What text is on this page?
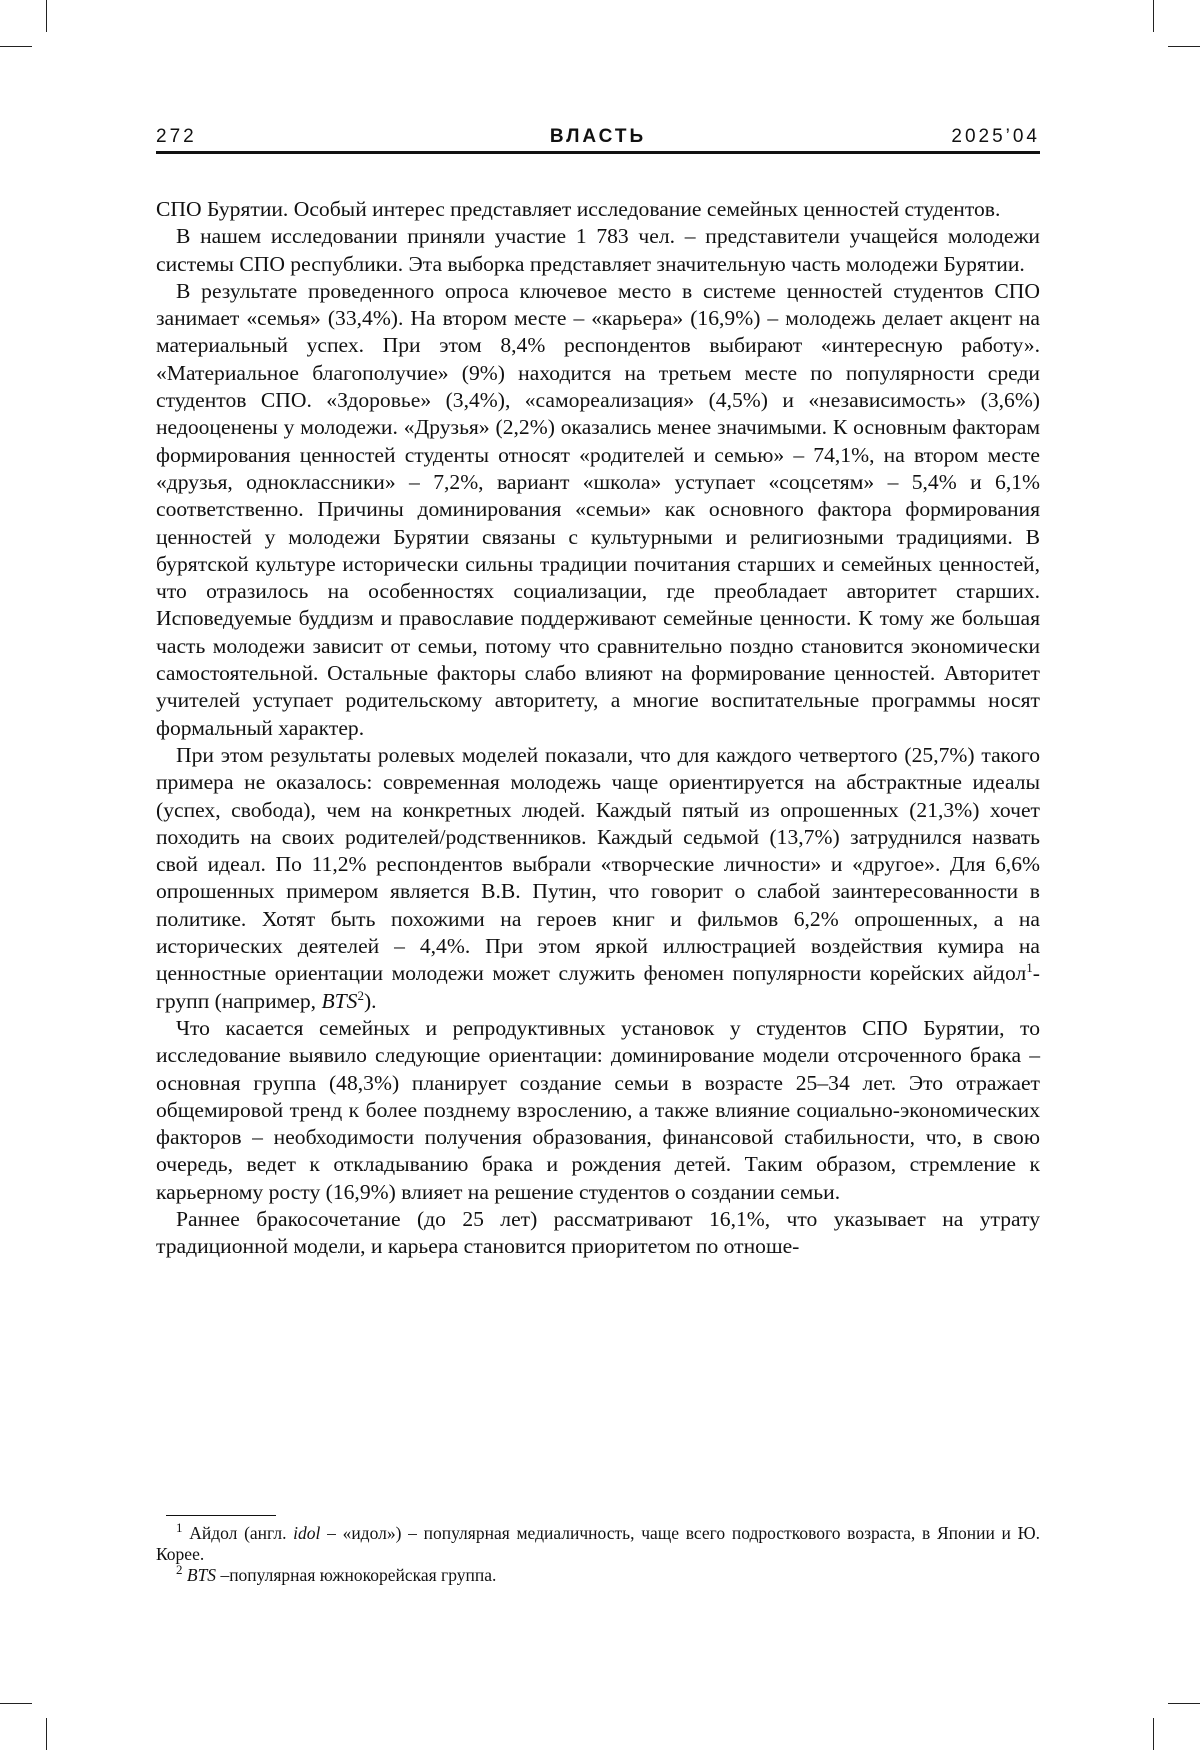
272	ВЛАСТЬ	2025’04

СПО Бурятии. Особый интерес представляет исследование семейных ценностей студентов.

В нашем исследовании приняли участие 1 783 чел. – представители учащейся молодежи системы СПО республики. Эта выборка представляет значительную часть молодежи Бурятии.

В результате проведенного опроса ключевое место в системе ценностей студентов СПО занимает «семья» (33,4%). На втором месте – «карьера» (16,9%) – молодежь делает акцент на материальный успех. При этом 8,4% респондентов выбирают «интересную работу». «Материальное благополучие» (9%) находится на третьем месте по популярности среди студентов СПО. «Здоровье» (3,4%), «самореализация» (4,5%) и «независимость» (3,6%) недооценены у молодежи. «Друзья» (2,2%) оказались менее значимыми. К основным факторам формирования ценностей студенты относят «родителей и семью» – 74,1%, на втором месте «друзья, одноклассники» – 7,2%, вариант «школа» уступает «соцсетям» – 5,4% и 6,1% соответственно. Причины доминирования «семьи» как основного фактора формирования ценностей у молодежи Бурятии связаны с культурными и религиозными традициями. В бурятской культуре исторически сильны традиции почитания старших и семейных ценностей, что отразилось на особенностях социализации, где преобладает авторитет старших. Исповедуемые буддизм и православие поддерживают семейные ценности. К тому же большая часть молодежи зависит от семьи, потому что сравнительно поздно становится экономически самостоятельной. Остальные факторы слабо влияют на формирование ценностей. Авторитет учителей уступает родительскому авторитету, а многие воспитательные программы носят формальный характер.

При этом результаты ролевых моделей показали, что для каждого четвертого (25,7%) такого примера не оказалось: современная молодежь чаще ориентируется на абстрактные идеалы (успех, свобода), чем на конкретных людей. Каждый пятый из опрошенных (21,3%) хочет походить на своих родителей/родственников. Каждый седьмой (13,7%) затруднился назвать свой идеал. По 11,2% респондентов выбрали «творческие личности» и «другое». Для 6,6% опрошенных примером является В.В. Путин, что говорит о слабой заинтересованности в политике. Хотят быть похожими на героев книг и фильмов 6,2% опрошенных, а на исторических деятелей – 4,4%. При этом яркой иллюстрацией воздействия кумира на ценностные ориентации молодежи может служить феномен популярности корейских айдол1-групп (например, BTS2).

Что касается семейных и репродуктивных установок у студентов СПО Бурятии, то исследование выявило следующие ориентации: доминирование модели отсроченного брака – основная группа (48,3%) планирует создание семьи в возрасте 25–34 лет. Это отражает общемировой тренд к более позднему взрослению, а также влияние социально-экономических факторов – необходимости получения образования, финансовой стабильности, что, в свою очередь, ведет к откладыванию брака и рождения детей. Таким образом, стремление к карьерному росту (16,9%) влияет на решение студентов о создании семьи.

Раннее бракосочетание (до 25 лет) рассматривают 16,1%, что указывает на утрату традиционной модели, и карьера становится приоритетом по отноше-

1 Айдол (англ. idol – «идол») – популярная медиаличность, чаще всего подросткового возраста, в Японии и Ю. Корее.

2 BTS –популярная южнокорейская группа.
